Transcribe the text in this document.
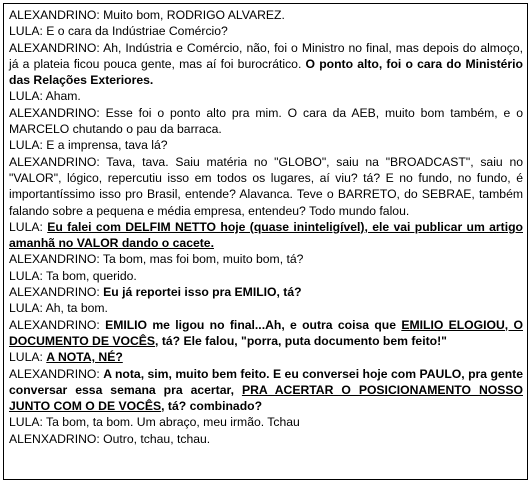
ALEXANDRINO: Muito bom, RODRIGO ALVAREZ.

LULA: E o cara da Indústriae Comércio?

ALEXANDRINO: Ah, Indústria e Comércio, não, foi o Ministro no final, mas depois do almoço, já a plateia ficou pouca gente, mas aí foi burocrático. O ponto alto, foi o cara do Ministério das Relações Exteriores.

LULA: Aham.

ALEXANDRINO: Esse foi o ponto alto pra mim. O cara da AEB, muito bom também, e o MARCELO chutando o pau da barraca.

LULA: E a imprensa, tava lá?

ALEXANDRINO: Tava, tava. Saiu matéria no "GLOBO", saiu na "BROADCAST", saiu no "VALOR", lógico, repercutiu isso em todos os lugares, aí viu? tá? E no fundo, no fundo, é importantíssimo isso pro Brasil, entende? Alavanca. Teve o BARRETO, do SEBRAE, também falando sobre a pequena e média empresa, entendeu? Todo mundo falou.

LULA: Eu falei com DELFIM NETTO hoje (quase ininteligível), ele vai publicar um artigo amanhã no VALOR dando o cacete.

ALEXANDRINO: Ta bom, mas foi bom, muito bom, tá?

LULA: Ta bom, querido.

ALEXANDRINO: Eu já reportei isso pra EMILIO, tá?

LULA: Ah, ta bom.

ALEXANDRINO: EMILIO me ligou no final...Ah, e outra coisa que EMILIO ELOGIOU, O DOCUMENTO DE VOCÊS, tá? Ele falou, "porra, puta documento bem feito!"

LULA: A NOTA, NÉ?

ALEXANDRINO: A nota, sim, muito bem feito. E eu conversei hoje com PAULO, pra gente conversar essa semana pra acertar, PRA ACERTAR O POSICIONAMENTO NOSSO JUNTO COM O DE VOCÊS, tá? combinado?

LULA: Ta bom, ta bom. Um abraço, meu irmão. Tchau

ALENXADRINO: Outro, tchau, tchau.
